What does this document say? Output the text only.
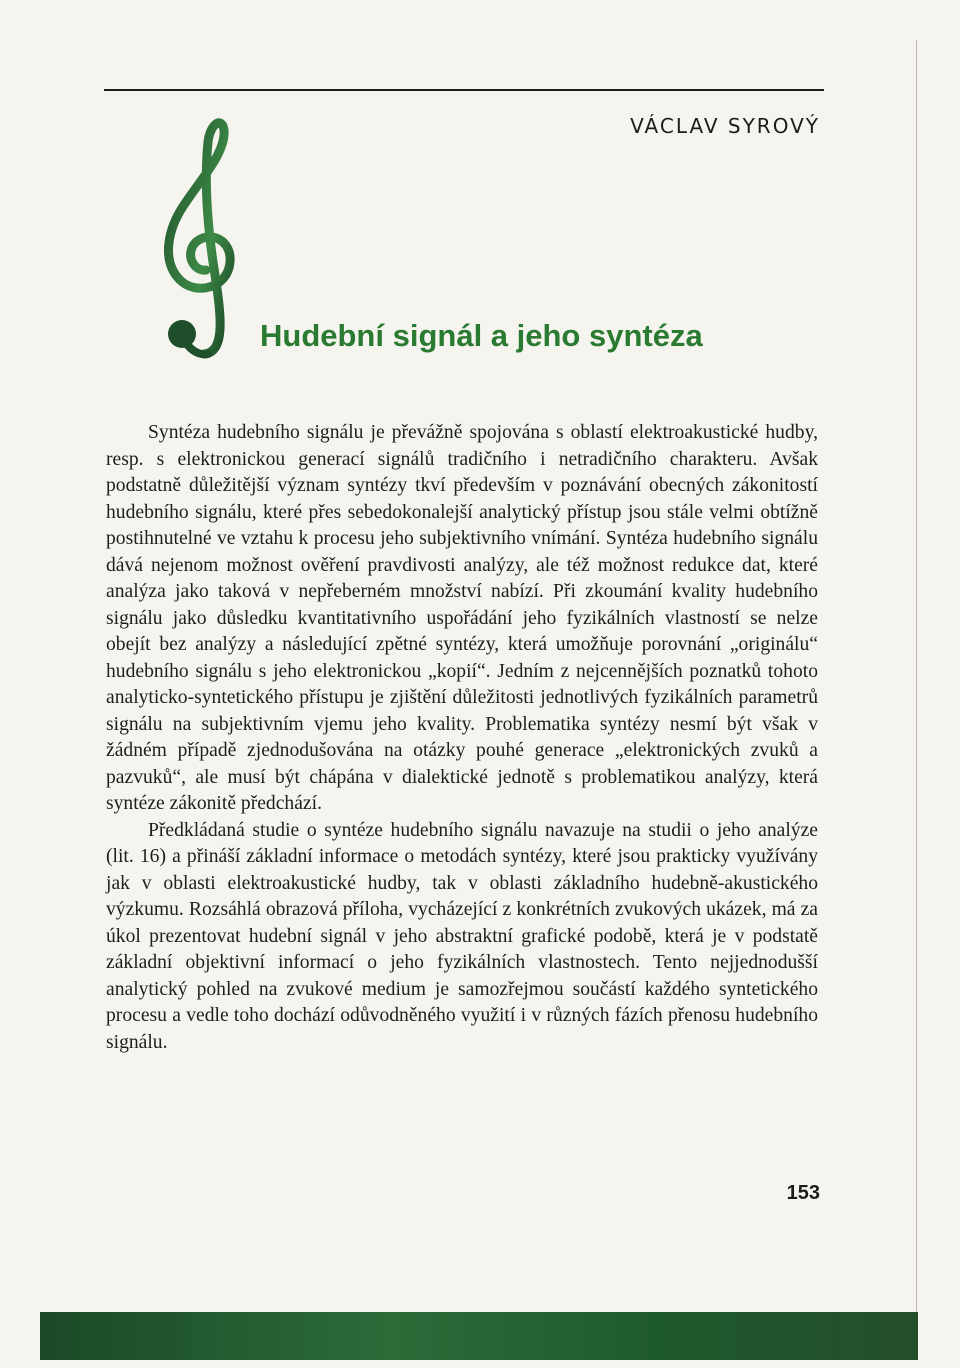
VÁCLAV SYROVÝ
Hudební signál a jeho syntéza

Syntéza hudebního signálu je převážně spojována s oblastí elektroakustické hudby, resp. s elektronickou generací signálů tradičního i netradičního charakteru. Avšak podstatně důležitější význam syntézy tkví především v poznávání obecných zákonitostí hudebního signálu, které přes sebedokonalejší analytický přístup jsou stále velmi obtížně postihnutelné ve vztahu k procesu jeho subjektivního vnímání. Syntéza hudebního signálu dává nejenom možnost ověření pravdivosti analýzy, ale též možnost redukce dat, které analýza jako taková v nepřeberném množství nabízí. Při zkoumání kvality hudebního signálu jako důsledku kvantitativního uspořádání jeho fyzikálních vlastností se nelze obejít bez analýzy a následující zpětné syntézy, která umožňuje porovnání „originálu“ hudebního signálu s jeho elektronickou „kopií“. Jedním z nejcennějších poznatků tohoto analyticko-syntetického přístupu je zjištění důležitosti jednotlivých fyzikálních parametrů signálu na subjektivním vjemu jeho kvality. Problematika syntézy nesmí být však v žádném případě zjednodušována na otázky pouhé generace „elektronických zvuků a pazvuků“, ale musí být chápána v dialektické jednotě s problematikou analýzy, která syntéze zákonitě předchází.

Předkládaná studie o syntéze hudebního signálu navazuje na studii o jeho analýze (lit. 16) a přináší základní informace o metodách syntézy, které jsou prakticky využívány jak v oblasti elektroakustické hudby, tak v oblasti základního hudebně-akustického výzkumu. Rozsáhlá obrazová příloha, vycházející z konkrétních zvukových ukázek, má za úkol prezentovat hudební signál v jeho abstraktní grafické podobě, která je v podstatě základní objektivní informací o jeho fyzikálních vlastnostech. Tento nejjednodušší analytický pohled na zvukové medium je samozřejmou součástí každého syntetického procesu a vedle toho dochází odůvodněného využití i v různých fázích přenosu hudebního signálu.

153
